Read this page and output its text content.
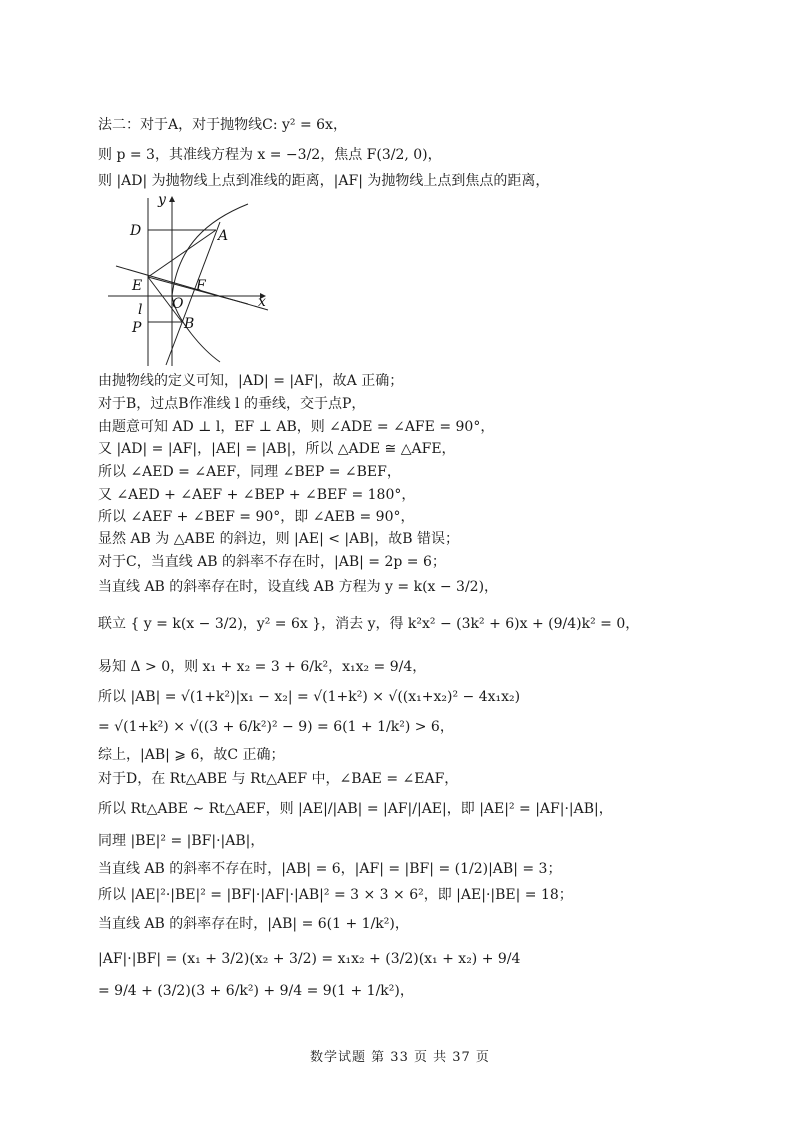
法二：对于A，对于抛物线C: y² = 6x，
则 p = 3，其准线方程为 x = −3/2，焦点 F(3/2, 0)，
则 |AD| 为抛物线上点到准线的距离，|AF| 为抛物线上点到焦点的距离，
由抛物线的定义可知，|AD| = |AF|，故A 正确；
对于B，过点B作准线 l 的垂线，交于点P，
由题意可知 AD ⊥ l，EF ⊥ AB，则 ∠ADE = ∠AFE = 90°，
又 |AD| = |AF|，|AE| = |AB|，所以 △ADE ≅ △AFE，
所以 ∠AED = ∠AEF，同理 ∠BEP = ∠BEF，
又 ∠AED + ∠AEF + ∠BEP + ∠BEF = 180°，
所以 ∠AEF + ∠BEF = 90°，即 ∠AEB = 90°，
显然 AB 为 △ABE 的斜边，则 |AE| < |AB|，故B 错误；
对于C，当直线 AB 的斜率不存在时，|AB| = 2p = 6；
当直线 AB 的斜率存在时，设直线 AB 方程为 y = k(x − 3/2)，
联立 { y = k(x − 3/2)，y² = 6x }，消去 y，得 k²x² − (3k² + 6)x + (9/4)k² = 0，
易知 Δ > 0，则 x₁ + x₂ = 3 + 6/k²，x₁x₂ = 9/4，
所以 |AB| = √(1+k²)|x₁ − x₂| = √(1+k²) × √((x₁+x₂)² − 4x₁x₂)
= √(1+k²) × √((3 + 6/k²)² − 9) = 6(1 + 1/k²) > 6，
综上，|AB| ⩾ 6，故C 正确；
对于D，在 Rt△ABE 与 Rt△AEF 中，∠BAE = ∠EAF，
所以 Rt△ABE ∼ Rt△AEF，则 |AE|/|AB| = |AF|/|AE|，即 |AE|² = |AF|·|AB|，
同理 |BE|² = |BF|·|AB|，
当直线 AB 的斜率不存在时，|AB| = 6，|AF| = |BF| = (1/2)|AB| = 3；
所以 |AE|²·|BE|² = |BF|·|AF|·|AB|² = 3 × 3 × 6²，即 |AE|·|BE| = 18；
当直线 AB 的斜率存在时，|AB| = 6(1 + 1/k²)，
|AF|·|BF| = (x₁ + 3/2)(x₂ + 3/2) = x₁x₂ + (3/2)(x₁ + x₂) + 9/4
= 9/4 + (3/2)(3 + 6/k²) + 9/4 = 9(1 + 1/k²)，
y
x
D	A
E	F
O
l
P	B
数学试题 第 33 页 共 37 页
